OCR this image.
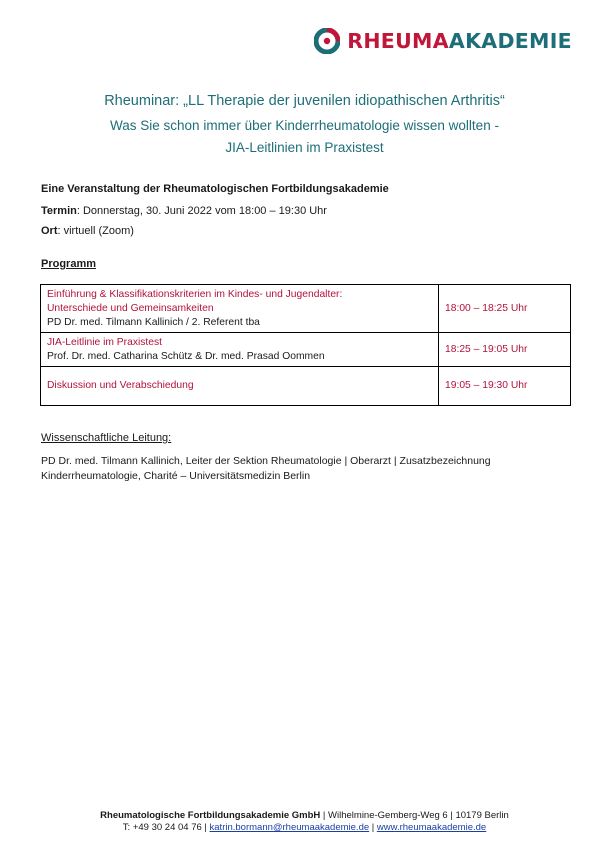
RHEUMAAKADEMIE
Rheuminar: „LL Therapie der juvenilen idiopathischen Arthritis“
Was Sie schon immer über Kinderrheumatologie wissen wollten -
JIA-Leitlinien im Praxistest
Eine Veranstaltung der Rheumatologischen Fortbildungsakademie
Termin: Donnerstag, 30. Juni 2022 vom 18:00 – 19:30 Uhr
Ort: virtuell (Zoom)
Programm
Einführung & Klassifikationskriterien im Kindes- und Jugendalter:
Unterschiede und Gemeinsamkeiten
PD Dr. med. Tilmann Kallinich / 2. Referent tba	18:00 – 18:25 Uhr

JIA-Leitlinie im Praxistest
Prof. Dr. med. Catharina Schütz & Dr. med. Prasad Oommen	18:25 – 19:05 Uhr

Diskussion und Verabschiedung	19:05 – 19:30 Uhr
Wissenschaftliche Leitung:
PD Dr. med. Tilmann Kallinich, Leiter der Sektion Rheumatologie | Oberarzt | Zusatzbezeichnung Kinderrheumatologie, Charité – Universitätsmedizin Berlin
Rheumatologische Fortbildungsakademie GmbH | Wilhelmine-Gemberg-Weg 6 | 10179 Berlin
T: +49 30 24 04 76 | katrin.bormann@rheumaakademie.de | www.rheumaakademie.de
